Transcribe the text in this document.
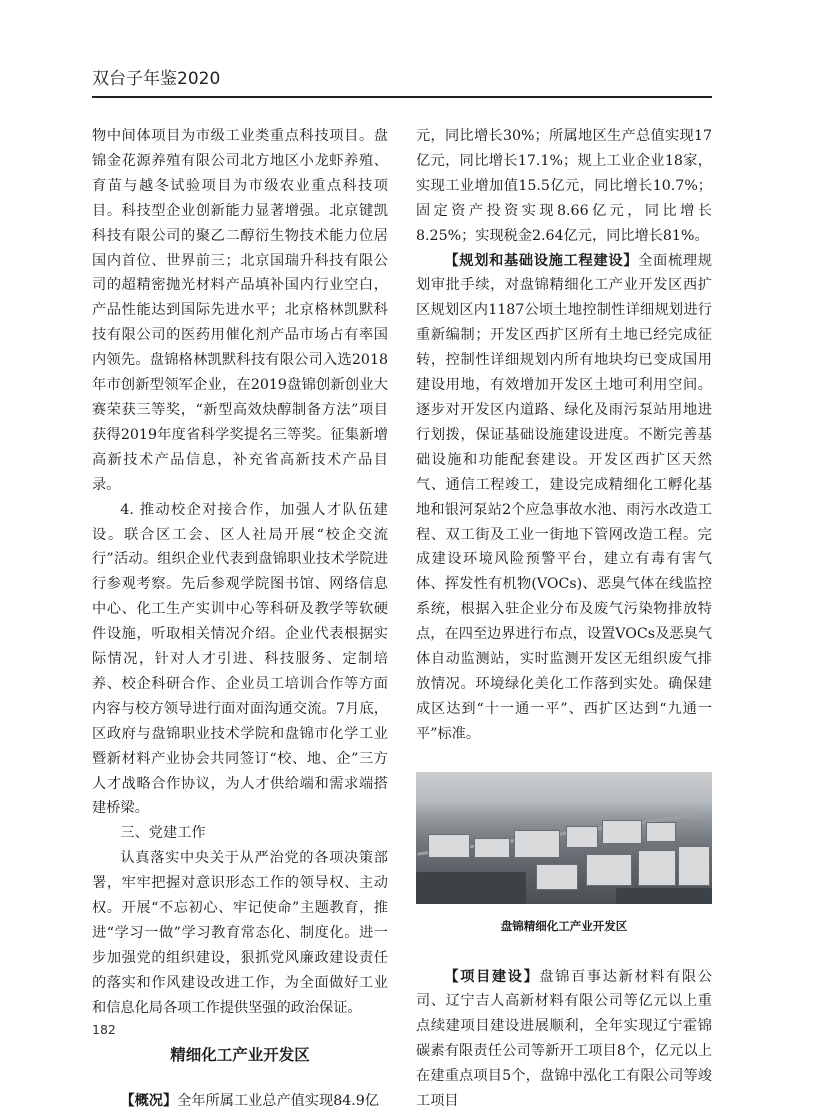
双台子年鉴2020

物中间体项目为市级工业类重点科技项目。盘锦金花源养殖有限公司北方地区小龙虾养殖、育苗与越冬试验项目为市级农业重点科技项目。科技型企业创新能力显著增强。北京键凯科技有限公司的聚乙二醇衍生物技术能力位居国内首位、世界前三；北京国瑞升科技有限公司的超精密抛光材料产品填补国内行业空白，产品性能达到国际先进水平；北京格林凯默科技有限公司的医药用催化剂产品市场占有率国内领先。盘锦格林凯默科技有限公司入选2018年市创新型领军企业，在2019盘锦创新创业大赛荣获三等奖，“新型高效炔醇制备方法”项目获得2019年度省科学奖提名三等奖。征集新增高新技术产品信息，补充省高新技术产品目录。

4. 推动校企对接合作，加强人才队伍建设。联合区工会、区人社局开展“校企交流行”活动。组织企业代表到盘锦职业技术学院进行参观考察。先后参观学院图书馆、网络信息中心、化工生产实训中心等科研及教学等软硬件设施，听取相关情况介绍。企业代表根据实际情况，针对人才引进、科技服务、定制培养、校企科研合作、企业员工培训合作等方面内容与校方领导进行面对面沟通交流。7月底，区政府与盘锦职业技术学院和盘锦市化学工业暨新材料产业协会共同签订“校、地、企”三方人才战略合作协议，为人才供给端和需求端搭建桥梁。

三、党建工作

认真落实中央关于从严治党的各项决策部署，牢牢把握对意识形态工作的领导权、主动权。开展“不忘初心、牢记使命”主题教育，推进“学习一做”学习教育常态化、制度化。进一步加强党的组织建设，狠抓党风廉政建设责任的落实和作风建设改进工作，为全面做好工业和信息化局各项工作提供坚强的政治保证。

精细化工产业开发区

【概况】全年所属工业总产值实现84.9亿

元，同比增长30%；所属地区生产总值实现17亿元，同比增长17.1%；规上工业企业18家，实现工业增加值15.5亿元，同比增长10.7%；固定资产投资实现8.66亿元，同比增长8.25%；实现税金2.64亿元，同比增长81%。

【规划和基础设施工程建设】全面梳理规划审批手续，对盘锦精细化工产业开发区西扩区规划区内1187公顷土地控制性详细规划进行重新编制；开发区西扩区所有土地已经完成征转，控制性详细规划内所有地块均已变成国用建设用地，有效增加开发区土地可利用空间。逐步对开发区内道路、绿化及雨污泵站用地进行划拨，保证基础设施建设进度。不断完善基础设施和功能配套建设。开发区西扩区天然气、通信工程竣工，建设完成精细化工孵化基地和银河泵站2个应急事故水池、雨污水改造工程、双工街及工业一街地下管网改造工程。完成建设环境风险预警平台，建立有毒有害气体、挥发性有机物(VOCs)、恶臭气体在线监控系统，根据入驻企业分布及废气污染物排放特点，在四至边界进行布点，设置VOCs及恶臭气体自动监测站，实时监测开发区无组织废气排放情况。环境绿化美化工作落到实处。确保建成区达到“十一通一平”、西扩区达到“九通一平”标准。

盘锦精细化工产业开发区

【项目建设】盘锦百事达新材料有限公司、辽宁吉人高新材料有限公司等亿元以上重点续建项目建设进展顺利，全年实现辽宁霍锦碳素有限责任公司等新开工项目8个，亿元以上在建重点项目5个，盘锦中泓化工有限公司等竣工项目

182
